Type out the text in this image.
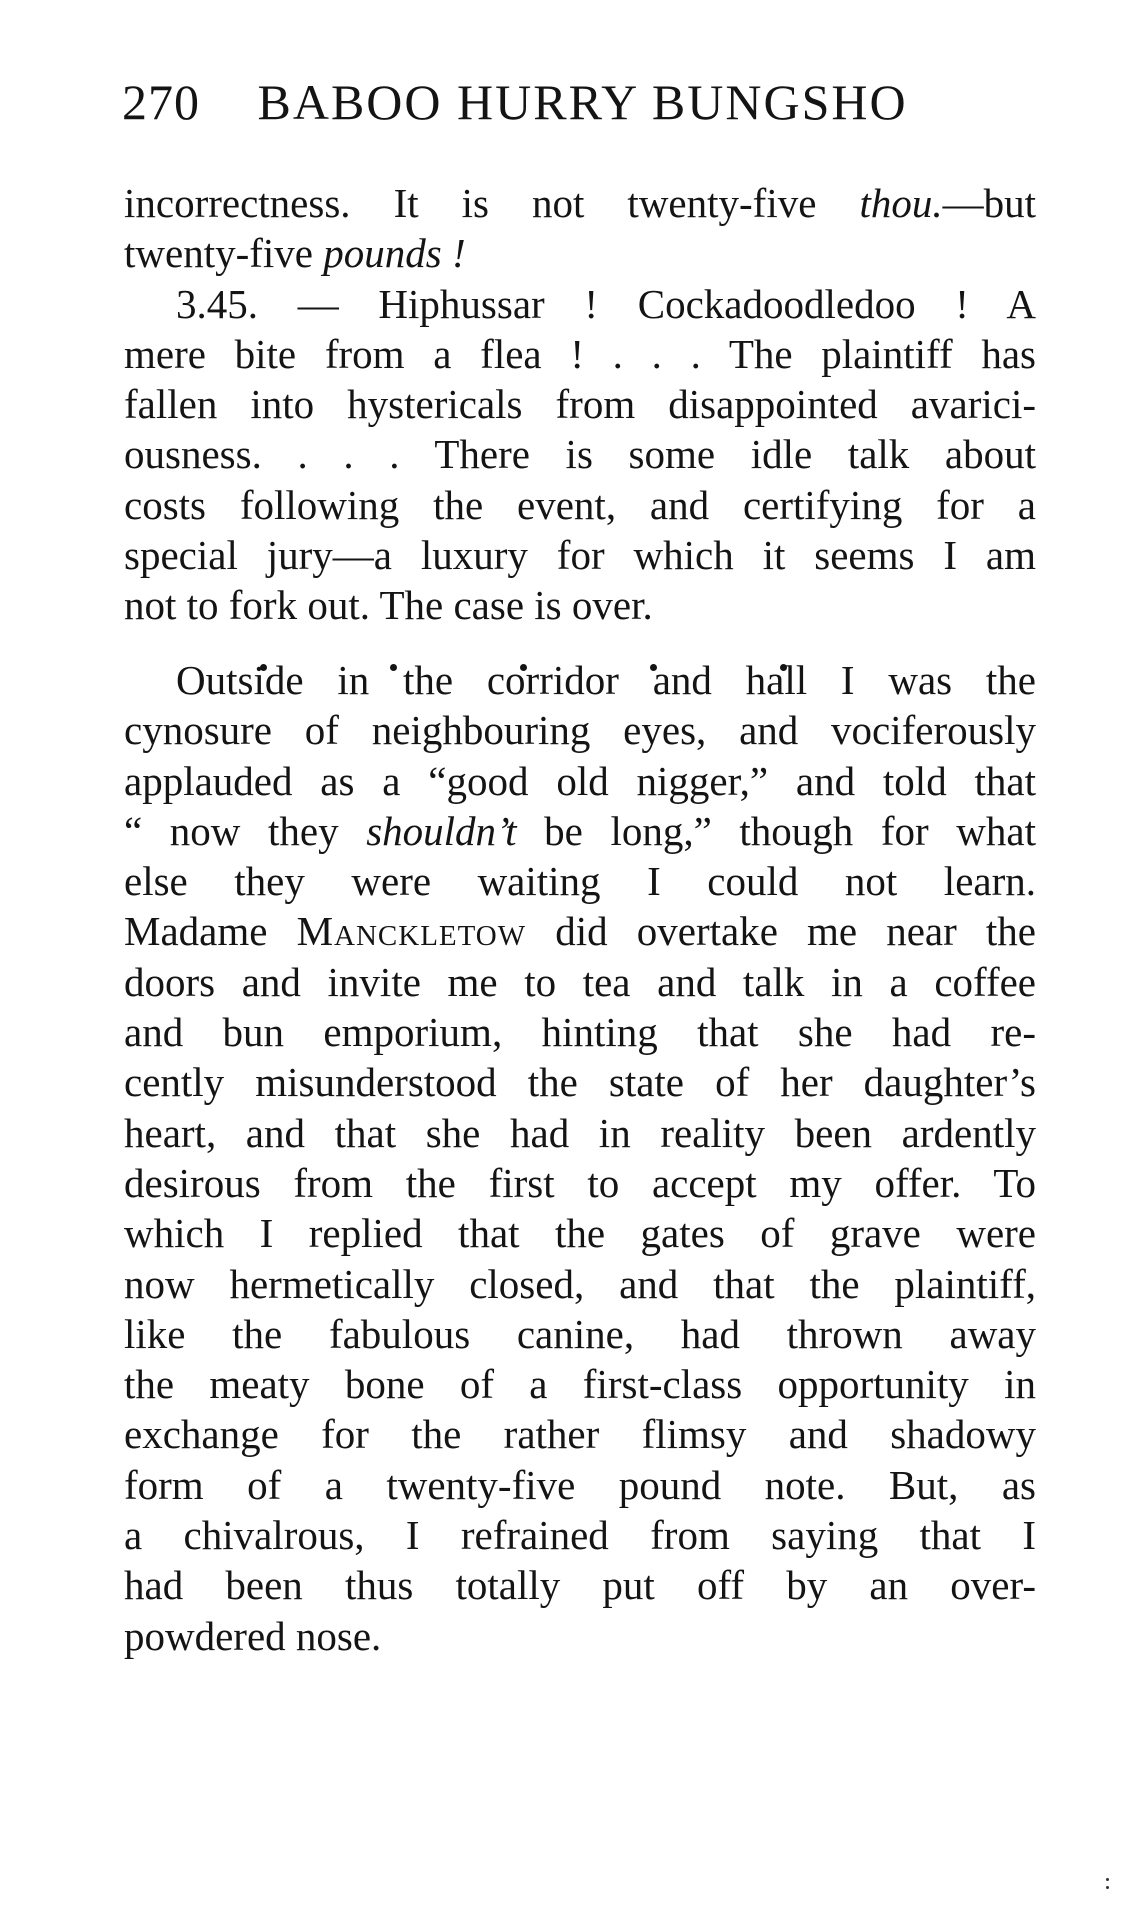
270 BABOO HURRY BUNGSHO
incorrectness. It is not twenty-five thou.—but
twenty-five pounds !
3.45. — Hiphussar ! Cockadoodledoo ! A
mere bite from a flea ! . . . The plaintiff has
fallen into hystericals from disappointed avarici-
ousness. . . . There is some idle talk about
costs following the event, and certifying for a
special jury—a luxury for which it seems I am
not to fork out. The case is over.
Outside in the corridor and hall I was the
cynosure of neighbouring eyes, and vociferously
applauded as a “good old nigger,” and told that
“ now they shouldn’t be long,” though for what
else they were waiting I could not learn.
Madame Manckletow did overtake me near the
doors and invite me to tea and talk in a coffee
and bun emporium, hinting that she had re-
cently misunderstood the state of her daughter’s
heart, and that she had in reality been ardently
desirous from the first to accept my offer. To
which I replied that the gates of grave were
now hermetically closed, and that the plaintiff,
like the fabulous canine, had thrown away
the meaty bone of a first-class opportunity in
exchange for the rather flimsy and shadowy
form of a twenty-five pound note. But, as
a chivalrous, I refrained from saying that I
had been thus totally put off by an over-
powdered nose.
